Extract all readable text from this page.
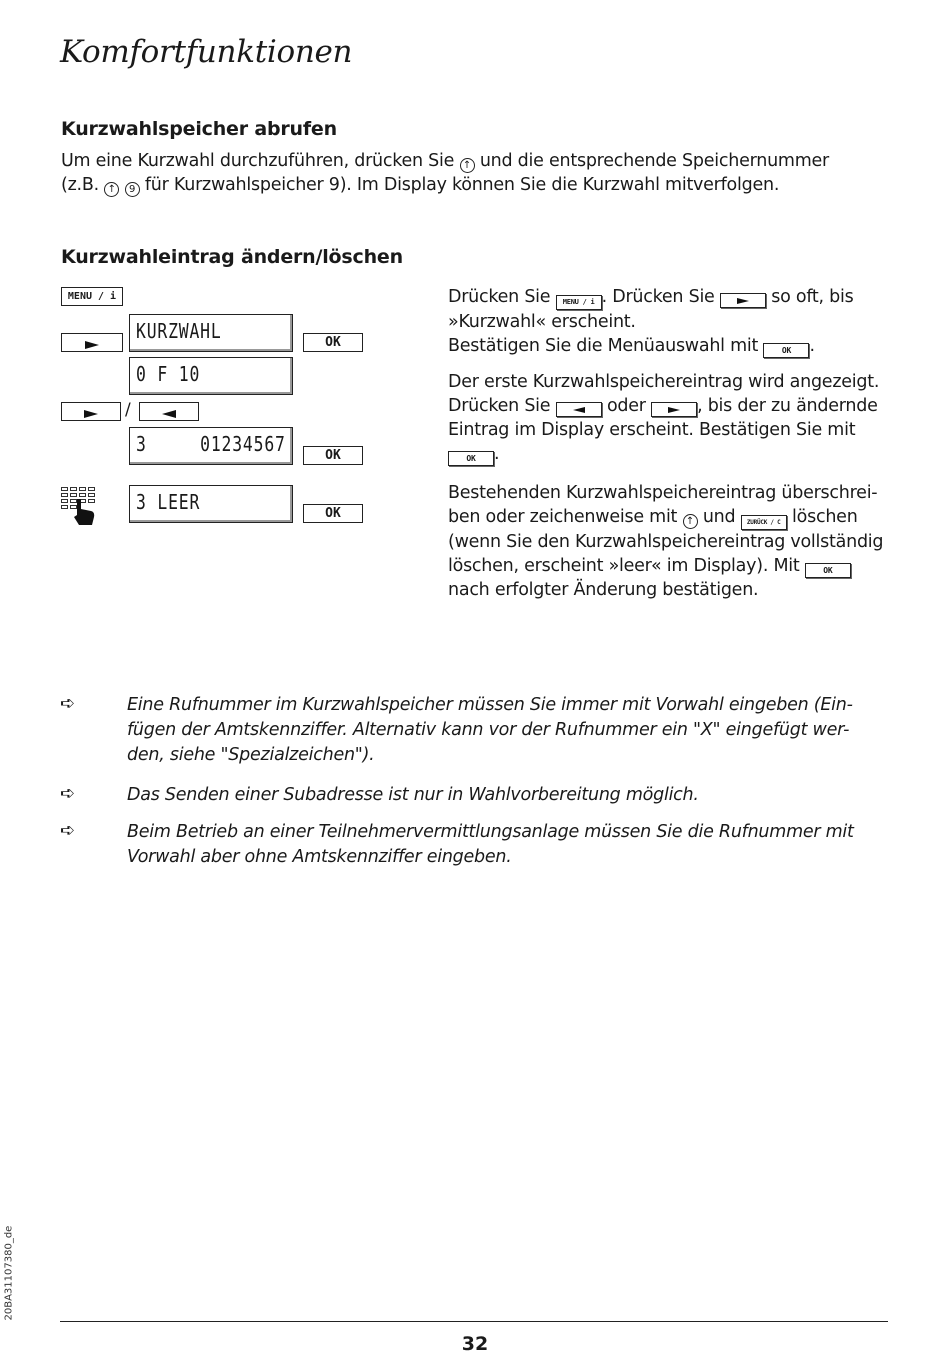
Komfortfunktionen
Kurzwahlspeicher abrufen
Um eine Kurzwahl durchzuführen, drücken Sie ↑ und die entsprechende Speichernummer
(z.B. ↑ 9 für Kurzwahlspeicher 9). Im Display können Sie die Kurzwahl mitverfolgen.
Kurzwahleintrag ändern/löschen
MENU / i
KURZWAHL	OK
0 F 10
/
3     01234567	OK
3 LEER	OK
Drücken Sie MENU / i . Drücken Sie	so oft, bis
»Kurzwahl« erscheint.
Bestätigen Sie die Menüauswahl mit	OK .
Der erste Kurzwahlspeichereintrag wird angezeigt.
Drücken Sie	oder	, bis der zu ändernde
Eintrag im Display erscheint. Bestätigen Sie mit
OK .
Bestehenden Kurzwahlspeichereintrag überschrei-
ben oder zeichenweise mit ↑ und ZURÜCK / C löschen
(wenn Sie den Kurzwahlspeichereintrag vollständig
löschen, erscheint »leer« im Display). Mit	OK
nach erfolgter Änderung bestätigen.
➪	Eine Rufnummer im Kurzwahlspeicher müssen Sie immer mit Vorwahl eingeben (Ein-
fügen der Amtskennziffer. Alternativ kann vor der Rufnummer ein "X" eingefügt wer-
den, siehe "Spezialzeichen").
➪	Das Senden einer Subadresse ist nur in Wahlvorbereitung möglich.
➪	Beim Betrieb an einer Teilnehmervermittlungsanlage müssen Sie die Rufnummer mit
Vorwahl aber ohne Amtskennziffer eingeben.
20BA31107380_de
32
